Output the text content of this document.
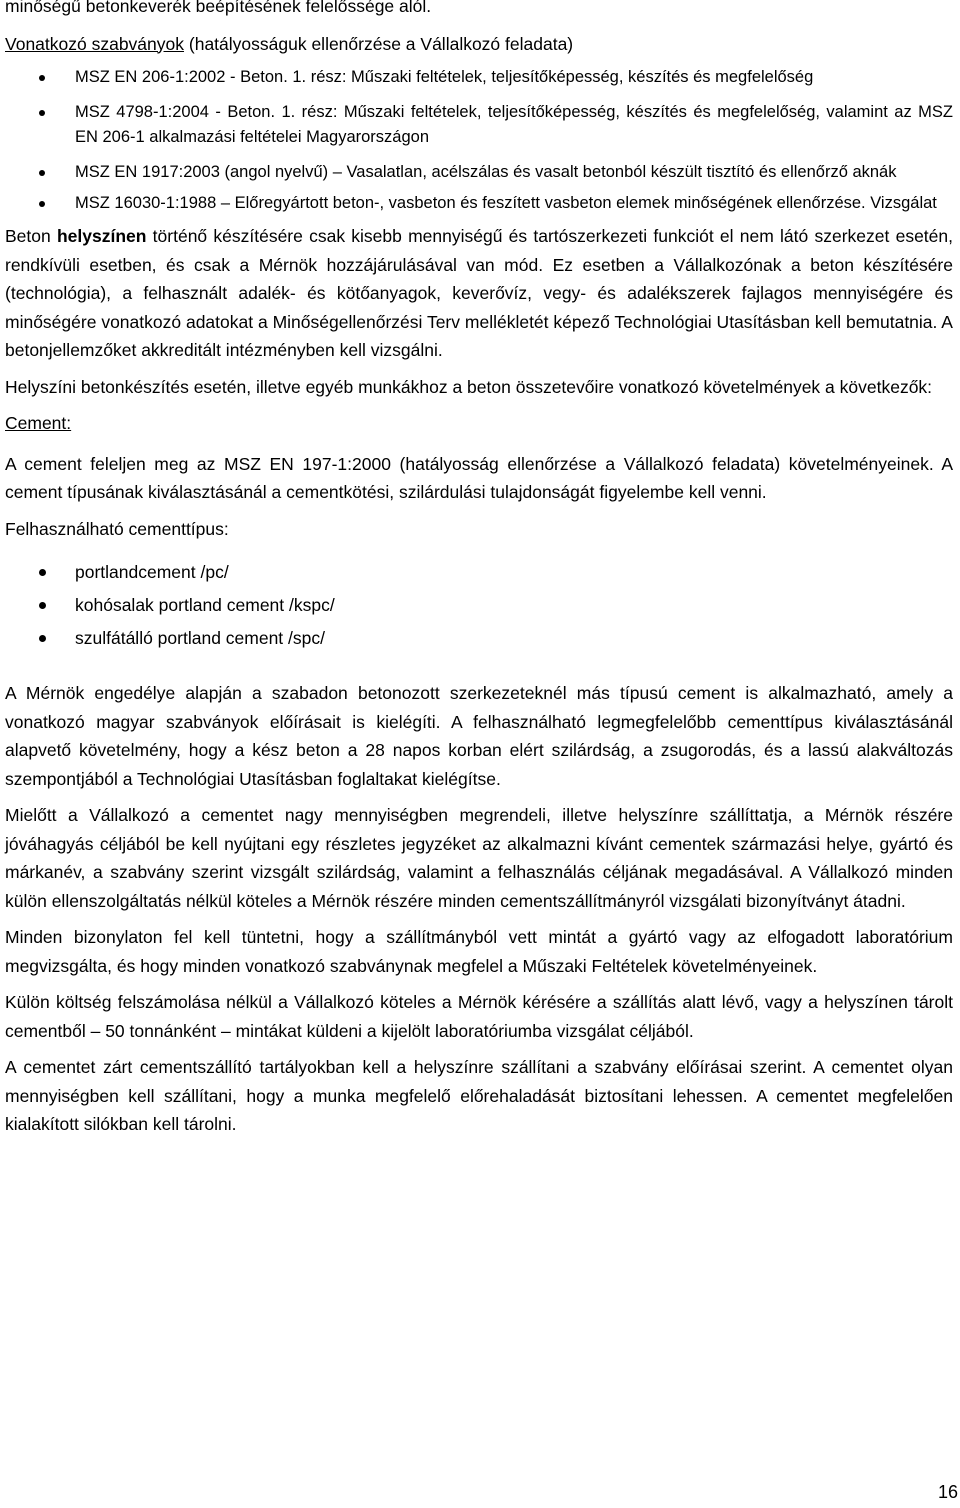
minőségű betonkeverék beépítésének felelőssége alól.

Vonatkozó szabványok (hatályosságuk ellenőrzése a Vállalkozó feladata)

MSZ EN 206-1:2002 - Beton. 1. rész: Műszaki feltételek, teljesítőképesség, készítés és megfelelőség
MSZ 4798-1:2004 - Beton. 1. rész: Műszaki feltételek, teljesítőképesség, készítés és megfelelőség, valamint az MSZ EN 206-1 alkalmazási feltételei Magyarországon
MSZ EN 1917:2003 (angol nyelvű) – Vasalatlan, acélszálas és vasalt betonból készült tisztító és ellenőrző aknák
MSZ 16030-1:1988 – Előregyártott beton-, vasbeton és feszített vasbeton elemek minőségének ellenőrzése. Vizsgálat

Beton helyszínen történő készítésére csak kisebb mennyiségű és tartószerkezeti funkciót el nem látó szerkezet esetén, rendkívüli esetben, és csak a Mérnök hozzájárulásával van mód. Ez esetben a Vállalkozónak a beton készítésére (technológia), a felhasznált adalék- és kötőanyagok, keverővíz, vegy- és adalékszerek fajlagos mennyiségére és minőségére vonatkozó adatokat a Minőségellenőrzési Terv mellékletét képező Technológiai Utasításban kell bemutatnia. A betonjellemzőket akkreditált intézményben kell vizsgálni.

Helyszíni betonkészítés esetén, illetve egyéb munkákhoz a beton összetevőire vonatkozó követelmények a következők:

Cement:

A cement feleljen meg az MSZ EN 197-1:2000 (hatályosság ellenőrzése a Vállalkozó feladata) követelményeinek. A cement típusának kiválasztásánál a cementkötési, szilárdulási tulajdonságát figyelembe kell venni.

Felhasználható cementtípus:

portlandcement /pc/
kohósalak portland cement /kspc/
szulfátálló portland cement /spc/

A Mérnök engedélye alapján a szabadon betonozott szerkezeteknél más típusú cement is alkalmazható, amely a vonatkozó magyar szabványok előírásait is kielégíti. A felhasználható legmegfelelőbb cementtípus kiválasztásánál alapvető követelmény, hogy a kész beton a 28 napos korban elért szilárdság, a zsugorodás, és a lassú alakváltozás szempontjából a Technológiai Utasításban foglaltakat kielégítse.

Mielőtt a Vállalkozó a cementet nagy mennyiségben megrendeli, illetve helyszínre szállíttatja, a Mérnök részére jóváhagyás céljából be kell nyújtani egy részletes jegyzéket az alkalmazni kívánt cementek származási helye, gyártó és márkanév, a szabvány szerint vizsgált szilárdság, valamint a felhasználás céljának megadásával. A Vállalkozó minden külön ellenszolgáltatás nélkül köteles a Mérnök részére minden cementszállítmányról vizsgálati bizonyítványt átadni.

Minden bizonylaton fel kell tüntetni, hogy a szállítmányból vett mintát a gyártó vagy az elfogadott laboratórium megvizsgálta, és hogy minden vonatkozó szabványnak megfelel a Műszaki Feltételek követelményeinek.

Külön költség felszámolása nélkül a Vállalkozó köteles a Mérnök kérésére a szállítás alatt lévő, vagy a helyszínen tárolt cementből – 50 tonnánként – mintákat küldeni a kijelölt laboratóriumba vizsgálat céljából.

A cementet zárt cementszállító tartályokban kell a helyszínre szállítani a szabvány előírásai szerint. A cementet olyan mennyiségben kell szállítani, hogy a munka megfelelő előrehaladását biztosítani lehessen. A cementet megfelelően kialakított silókban kell tárolni.

16
